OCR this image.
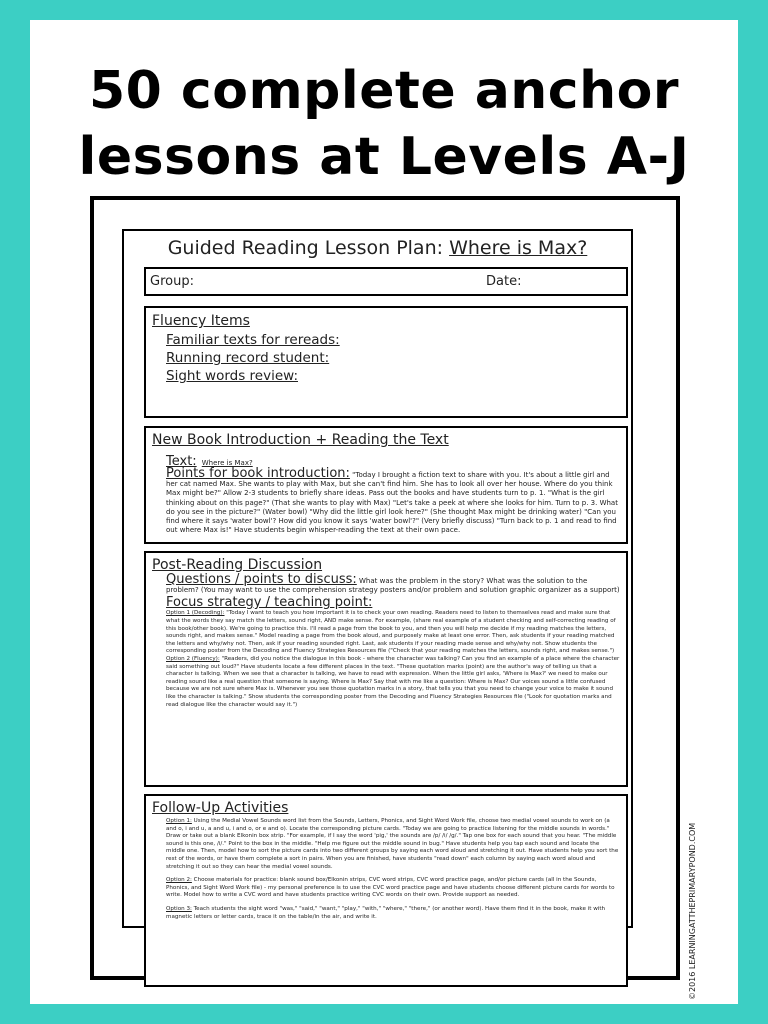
50 complete anchor
lessons at Levels A-J
Guided Reading Lesson Plan: Where is Max?
Group:	Date:
Fluency Items
Familiar texts for rereads:
Running record student:
Sight words review:
New Book Introduction + Reading the Text
Text: Where is Max?
Points for book introduction: "Today I brought a fiction text to share with you. It's about a little girl and her cat named Max. She wants to play with Max, but she can't find him. She has to look all over her house. Where do you think Max might be?" Allow 2-3 students to briefly share ideas. Pass out the books and have students turn to p. 1. "What is the girl thinking about on this page?" (That she wants to play with Max) "Let's take a peek at where she looks for him. Turn to p. 3. What do you see in the picture?" (Water bowl) "Why did the little girl look here?" (She thought Max might be drinking water) "Can you find where it says 'water bowl'? How did you know it says 'water bowl'?" (Very briefly discuss) "Turn back to p. 1 and read to find out where Max is!" Have students begin whisper-reading the text at their own pace.
Post-Reading Discussion
Questions / points to discuss: What was the problem in the story? What was the solution to the problem? (You may want to use the comprehension strategy posters and/or problem and solution graphic organizer as a support)
Focus strategy / teaching point:
Option 1 (Decoding): "Today I want to teach you how important it is to check your own reading. Readers need to listen to themselves read and make sure that what the words they say match the letters, sound right, AND make sense. For example, (share real example of a student checking and self-correcting reading of this book/other book). We're going to practice this. I'll read a page from the book to you, and then you will help me decide if my reading matches the letters, sounds right, and makes sense." Model reading a page from the book aloud, and purposely make at least one error. Then, ask students if your reading matched the letters and why/why not. Then, ask if your reading sounded right. Last, ask students if your reading made sense and why/why not. Show students the corresponding poster from the Decoding and Fluency Strategies Resources file ("Check that your reading matches the letters, sounds right, and makes sense.")
Option 2 (Fluency): "Readers, did you notice the dialogue in this book - where the character was talking? Can you find an example of a place where the character said something out loud?" Have students locate a few different places in the text. "These quotation marks (point) are the author's way of telling us that a character is talking. When we see that a character is talking, we have to read with expression. When the little girl asks, 'Where is Max?' we need to make our reading sound like a real question that someone is saying. Where is Max? Say that with me like a question: Where is Max? Our voices sound a little confused because we are not sure where Max is. Whenever you see those quotation marks in a story, that tells you that you need to change your voice to make it sound like the character is talking." Show students the corresponding poster from the Decoding and Fluency Strategies Resources file ("Look for quotation marks and read dialogue like the character would say it.")
Follow-Up Activities
Option 1: Using the Medial Vowel Sounds word list from the Sounds, Letters, Phonics, and Sight Word Work file, choose two medial vowel sounds to work on (a and o, i and u, a and u, i and o, or e and o). Locate the corresponding picture cards. "Today we are going to practice listening for the middle sounds in words." Draw or take out a blank Elkonin box strip. "For example, if I say the word 'pig,' the sounds are /p/ /i/ /g/." Tap one box for each sound that you hear. "The middle sound is this one, /i/." Point to the box in the middle. "Help me figure out the middle sound in bug." Have students help you tap each sound and locate the middle one. Then, model how to sort the picture cards into two different groups by saying each word aloud and stretching it out. Have students help you sort the rest of the words, or have them complete a sort in pairs. When you are finished, have students "read down" each column by saying each word aloud and stretching it out so they can hear the medial vowel sounds.
Option 2: Choose materials for practice: blank sound box/Elkonin strips, CVC word strips, CVC word practice page, and/or picture cards (all in the Sounds, Phonics, and Sight Word Work file) - my personal preference is to use the CVC word practice page and have students choose different picture cards for words to write. Model how to write a CVC word and have students practice writing CVC words on their own. Provide support as needed.
Option 3: Teach students the sight word "was," "said," "want," "play," "with," "where," "there," (or another word). Have them find it in the book, make it with magnetic letters or letter cards, trace it on the table/in the air, and write it.	©2016 LEARNINGATTHEPRIMARYPOND.COM
